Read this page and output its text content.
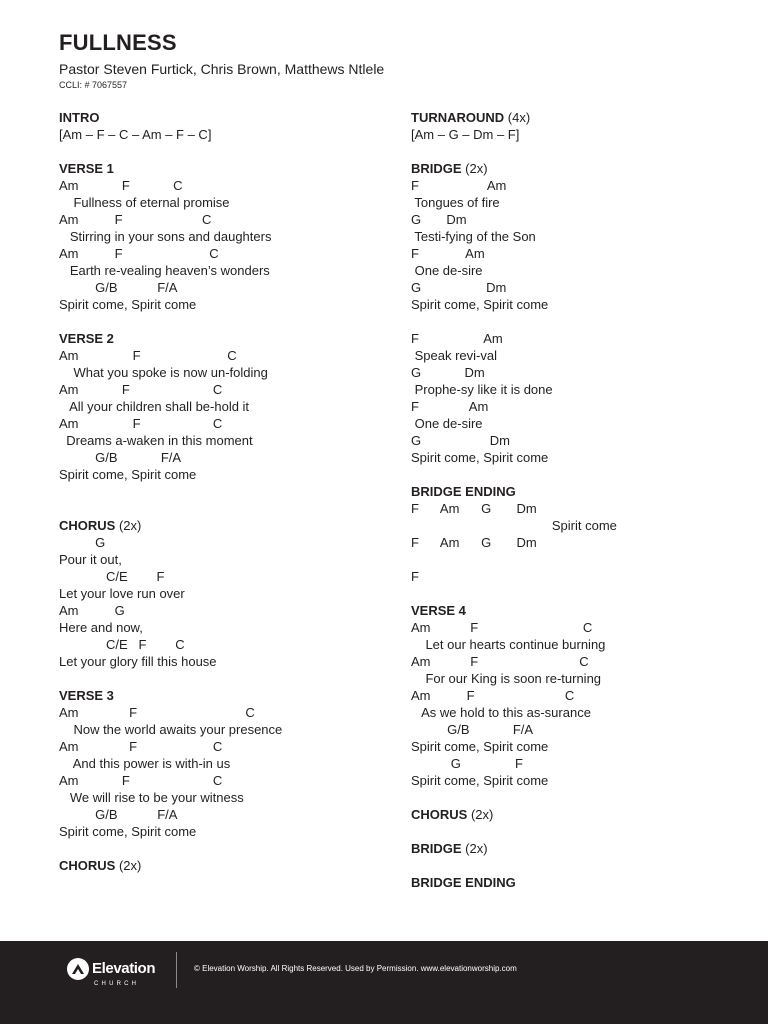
FULLNESS
Pastor Steven Furtick, Chris Brown, Matthews Ntlele
CCLI: # 7067557
INTRO
[Am – F – C – Am – F – C]
VERSE 1
Am            F            C
Fullness of eternal promise
Am          F                      C
Stirring in your sons and daughters
Am          F                        C
Earth re-vealing heaven’s wonders
G/B           F/A
Spirit come, Spirit come
VERSE 2
Am               F                        C
What you spoke is now un-folding
Am            F                       C
All your children shall be-hold it
Am               F                    C
Dreams a-waken in this moment
G/B            F/A
Spirit come, Spirit come
CHORUS (2x)
G
Pour it out,
C/E        F
Let your love run over
Am          G
Here and now,
C/E   F        C
Let your glory fill this house
VERSE 3
Am              F                              C
Now the world awaits your presence
Am              F                     C
And this power is with-in us
Am            F                       C
We will rise to be your witness
G/B           F/A
Spirit come, Spirit come
CHORUS (2x)
TURNAROUND (4x)
[Am – G – Dm – F]
BRIDGE (2x)
F                   Am
Tongues of fire
G       Dm
Testi-fying of the Son
F             Am
One de-sire
G                  Dm
Spirit come, Spirit come
F                  Am
Speak revi-val
G            Dm
Prophe-sy like it is done
F              Am
One de-sire
G                   Dm
Spirit come, Spirit come
BRIDGE ENDING
F      Am      G       Dm
Spirit come
F      Am      G       Dm
F
VERSE 4
Am           F                             C
Let our hearts continue burning
Am           F                            C
For our King is soon re-turning
Am          F                         C
As we hold to this as-surance
G/B            F/A
Spirit come, Spirit come
G               F
Spirit come, Spirit come
CHORUS (2x)
BRIDGE (2x)
BRIDGE ENDING
Elevation
CHURCH
© Elevation Worship. All Rights Reserved. Used by Permission. www.elevationworship.com
